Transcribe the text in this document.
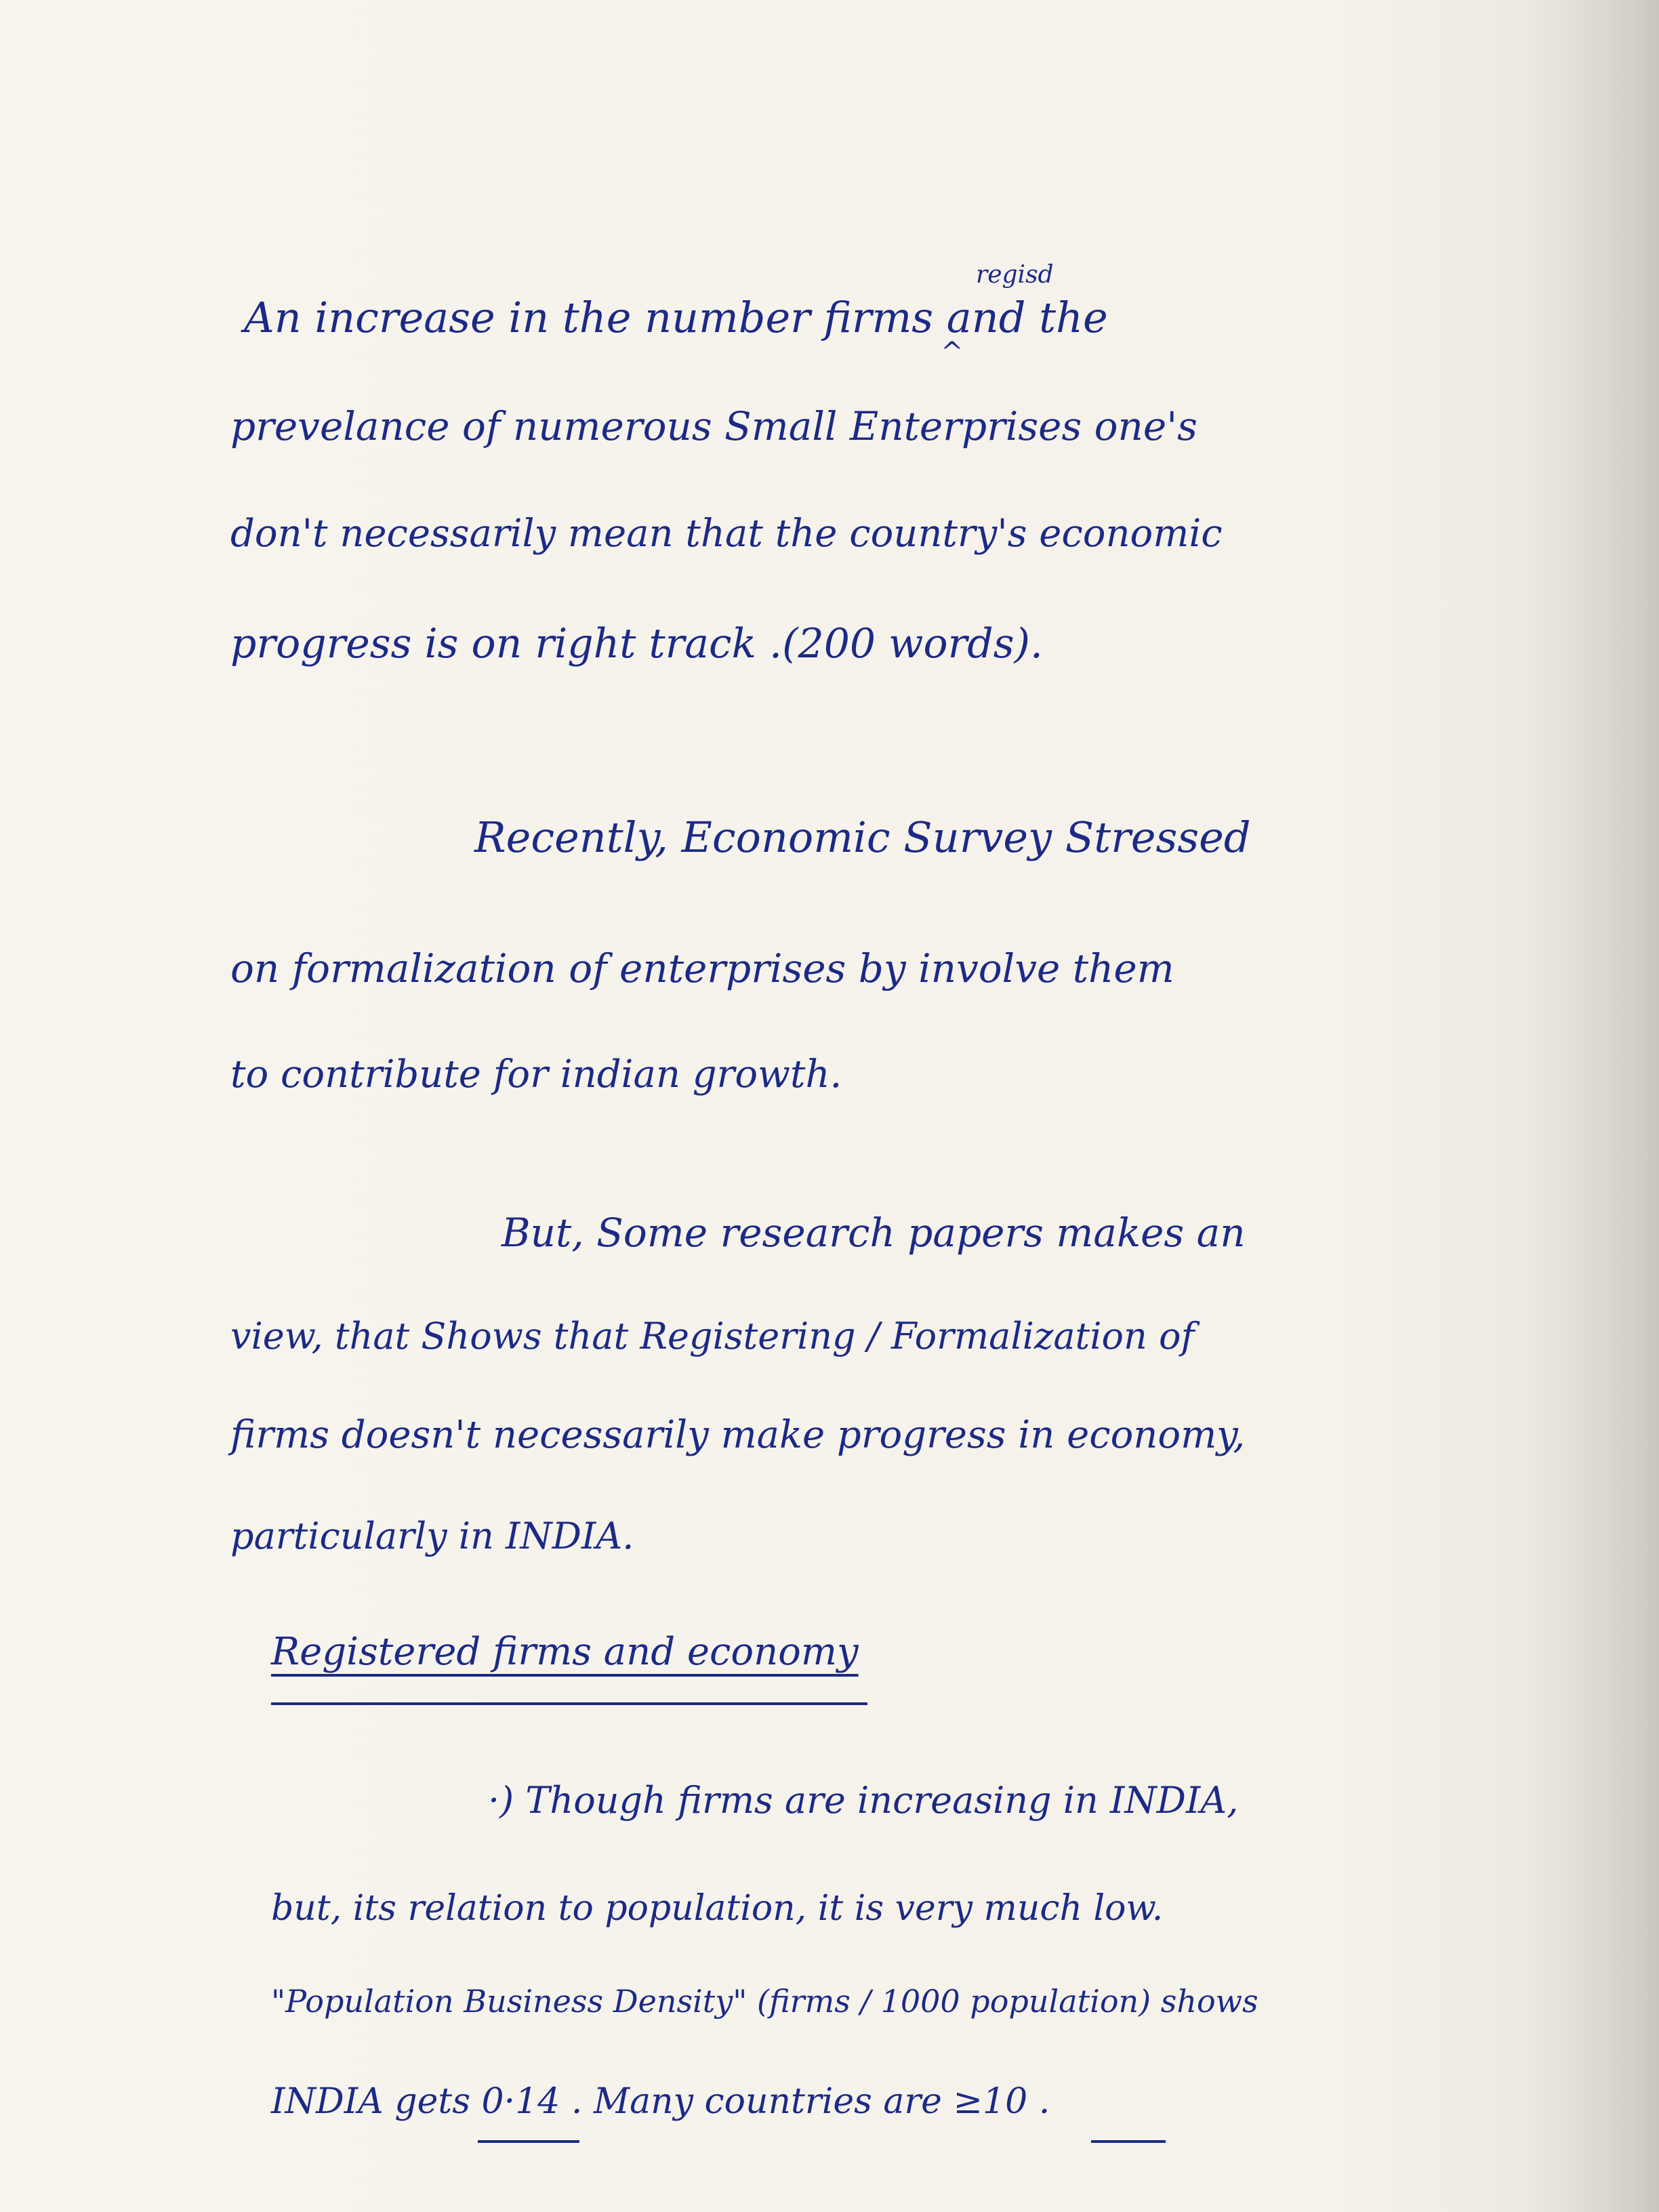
regisd
^
An increase in the number firms and the
prevelance of numerous Small Enterprises one's
don't necessarily mean that the country's economic
progress is on right track .(200 words).
Recently, Economic Survey Stressed
on formalization of enterprises by involve them
to contribute for indian growth.
But, Some research papers makes an
view, that Shows that Registering / Formalization of
firms doesn't necessarily make progress in economy,
particularly in INDIA.
Registered firms and economy
·) Though firms are increasing in INDIA,
but, its relation to population, it is very much low.
"Population Business Density" (firms / 1000 population) shows
INDIA gets 0·14 . Many countries are ≥10 .
